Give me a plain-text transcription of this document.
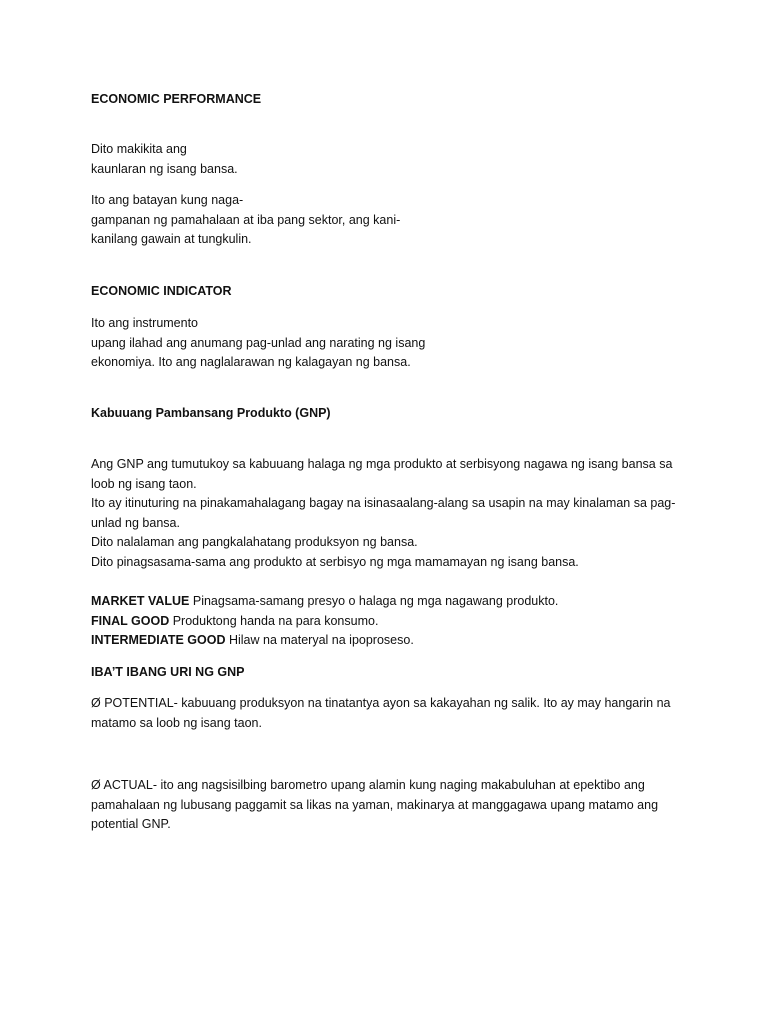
ECONOMIC PERFORMANCE

Dito makikita ang
kaunlaran ng isang bansa.

Ito ang batayan kung naga-
gampanan ng pamahalaan at iba pang sektor, ang kani-
kanilang gawain at tungkulin.

ECONOMIC INDICATOR

Ito ang instrumento
upang ilahad ang anumang pag-unlad ang narating ng isang
ekonomiya. Ito ang naglalarawan ng kalagayan ng bansa.

Kabuuang Pambansang Produkto (GNP)

Ang GNP ang tumutukoy sa kabuuang halaga ng mga produkto at serbisyong nagawa ng isang bansa sa
loob ng isang taon.
Ito ay itinuturing na pinakamahalagang bagay na isinasaalang-alang sa usapin na may kinalaman sa pag-
unlad ng bansa.
Dito nalalaman ang pangkalahatang produksyon ng bansa.
Dito pinagsasama-sama ang produkto at serbisyo ng mga mamamayan ng isang bansa.

MARKET VALUE Pinagsama-samang presyo o halaga ng mga nagawang produkto.
FINAL GOOD Produktong handa na para konsumo.
INTERMEDIATE GOOD Hilaw na materyal na ipoproseso.

IBA’T IBANG URI NG GNP

Ø POTENTIAL- kabuuang produksyon na tinatantya ayon sa kakayahan ng salik. Ito ay may hangarin na
matamo sa loob ng isang taon.

Ø ACTUAL- ito ang nagsisilbing barometro upang alamin kung naging makabuluhan at epektibo ang
pamahalaan ng lubusang paggamit sa likas na yaman, makinarya at manggagawa upang matamo ang
potential GNP.
